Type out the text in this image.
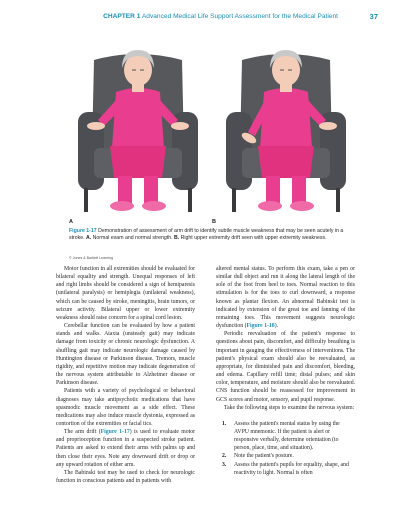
CHAPTER 1 Advanced Medical Life Support Assessment for the Medical Patient	37
A	B
Figure 1-17 Demonstration of assessment of arm drift to identify subtle muscle weakness that may be seen acutely in a stroke. A. Normal exam and normal strength. B. Right upper extremity drift seen with upper extremity weakness.
© Jones & Bartlett Learning

Motor function in all extremities should be evaluated for bilateral equality and strength. Unequal responses of left and right limbs should be considered a sign of hemiparesis (unilateral paralysis) or hemiplegia (unilateral weakness), which can be caused by stroke, meningitis, brain tumors, or seizure activity. Bilateral upper or lower extremity weakness should raise concern for a spinal cord lesion.

Cerebellar function can be evaluated by how a patient stands and walks. Ataxia (unsteady gait) may indicate damage from toxicity or chronic neurologic dysfunction. A shuffling gait may indicate neurologic damage caused by Huntington disease or Parkinson disease. Tremors, muscle rigidity, and repetitive motion may indicate degeneration of the nervous system attributable to Alzheimer disease or Parkinson disease.

Patients with a variety of psychological or behavioral diagnoses may take antipsychotic medications that have spasmodic muscle movement as a side effect. These medications may also induce muscle dystonia, expressed as contortion of the extremities or facial tics.

The arm drift (Figure 1-17) is used to evaluate motor and proprioception function in a suspected stroke patient. Patients are asked to extend their arms with palms up and then close their eyes. Note any downward drift or drop or any upward rotation of either arm.

The Babinski test may be used to check for neurologic function in conscious patients and in patients with

altered mental status. To perform this exam, take a pen or similar dull object and run it along the lateral length of the sole of the foot from heel to toes. Normal reaction to this stimulation is for the toes to curl downward, a response known as plantar flexion. An abnormal Babinski test is indicated by extension of the great toe and fanning of the remaining toes. This movement suggests neurologic dysfunction (Figure 1-18).

Periodic reevaluation of the patient's response to questions about pain, discomfort, and difficulty breathing is important in gauging the effectiveness of interventions. The patient's physical exam should also be reevaluated, as appropriate, for diminished pain and discomfort, bleeding, and edema. Capillary refill time; distal pulses; and skin color, temperature, and moisture should also be reevaluated. CNS function should be reassessed for improvement in GCS scores and motor, sensory, and pupil response.

Take the following steps to examine the nervous system:

1. Assess the patient's mental status by using the AVPU mnemonic. If the patient is alert or responsive verbally, determine orientation (to person, place, time, and situation).
2. Note the patient's posture.
3. Assess the patient's pupils for equality, shape, and reactivity to light. Normal is often
